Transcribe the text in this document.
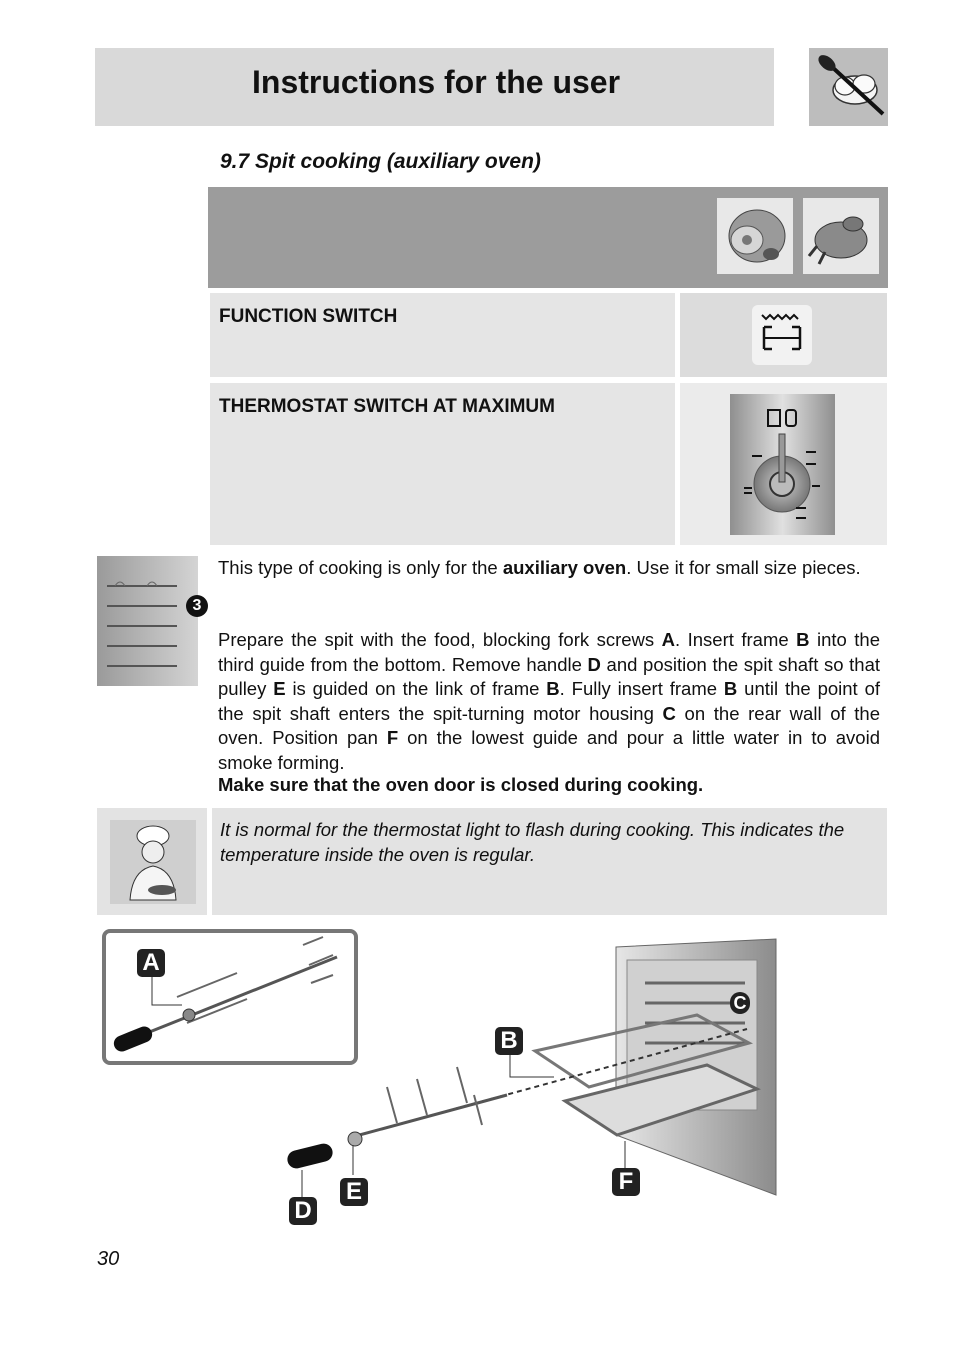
Instructions for the user
9.7 Spit cooking (auxiliary oven)
FUNCTION SWITCH
THERMOSTAT SWITCH AT MAXIMUM
3
This type of cooking is only for the auxiliary oven. Use it for small size pieces.
Prepare the spit with the food, blocking fork screws A. Insert frame B into the third guide from the bottom. Remove handle D and position the spit shaft so that pulley E is guided on the link of frame B. Fully insert frame B until the point of the spit shaft enters the spit-turning motor housing C on the rear wall of the oven. Position pan F on the lowest guide and pour a little water in to avoid smoke forming.
Make sure that the oven door is closed during cooking.
It is normal for the thermostat light to flash during cooking. This indicates the temperature inside the oven is regular.
A
B
C
D
E	F
30
